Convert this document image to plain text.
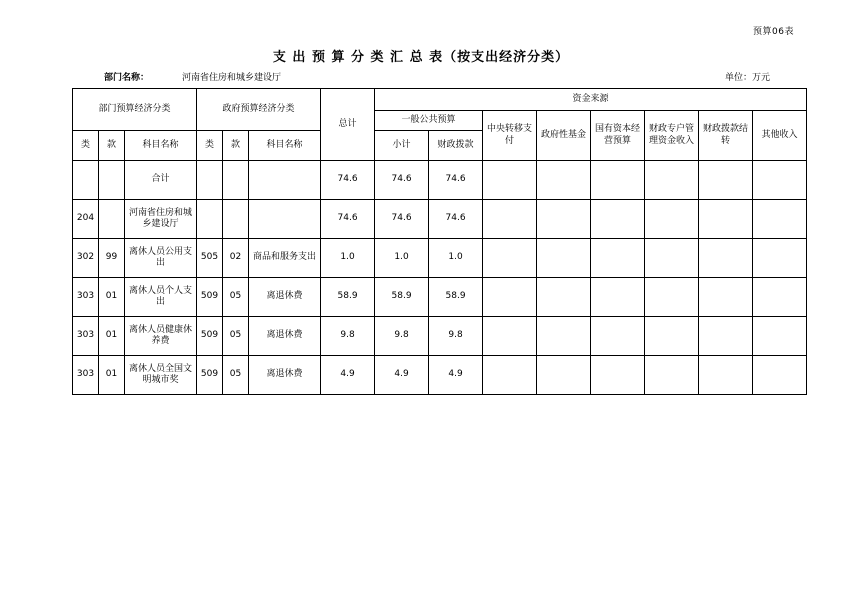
预算06表
支 出 预 算 分 类 汇 总 表（按支出经济分类）
部门名称：	河南省住房和城乡建设厅	单位：万元
部门预算经济分类			政府预算经济分类			总计	资金来源							
							一般公共预算		中央转移支付	政府性基金	国有资本经营预算	财政专户管理资金收入	财政拨款结转	其他收入
类	款	科目名称	类	款	科目名称		小计	财政拨款						
		合计				74.6	74.6	74.6						
204		河南省住房和城乡建设厅				74.6	74.6	74.6						
302	99	离休人员公用支出	505	02	商品和服务支出	1.0	1.0	1.0						
303	01	离休人员个人支出	509	05	离退休费	58.9	58.9	58.9						
303	01	离休人员健康休养费	509	05	离退休费	9.8	9.8	9.8						
303	01	离休人员全国文明城市奖	509	05	离退休费	4.9	4.9	4.9						
